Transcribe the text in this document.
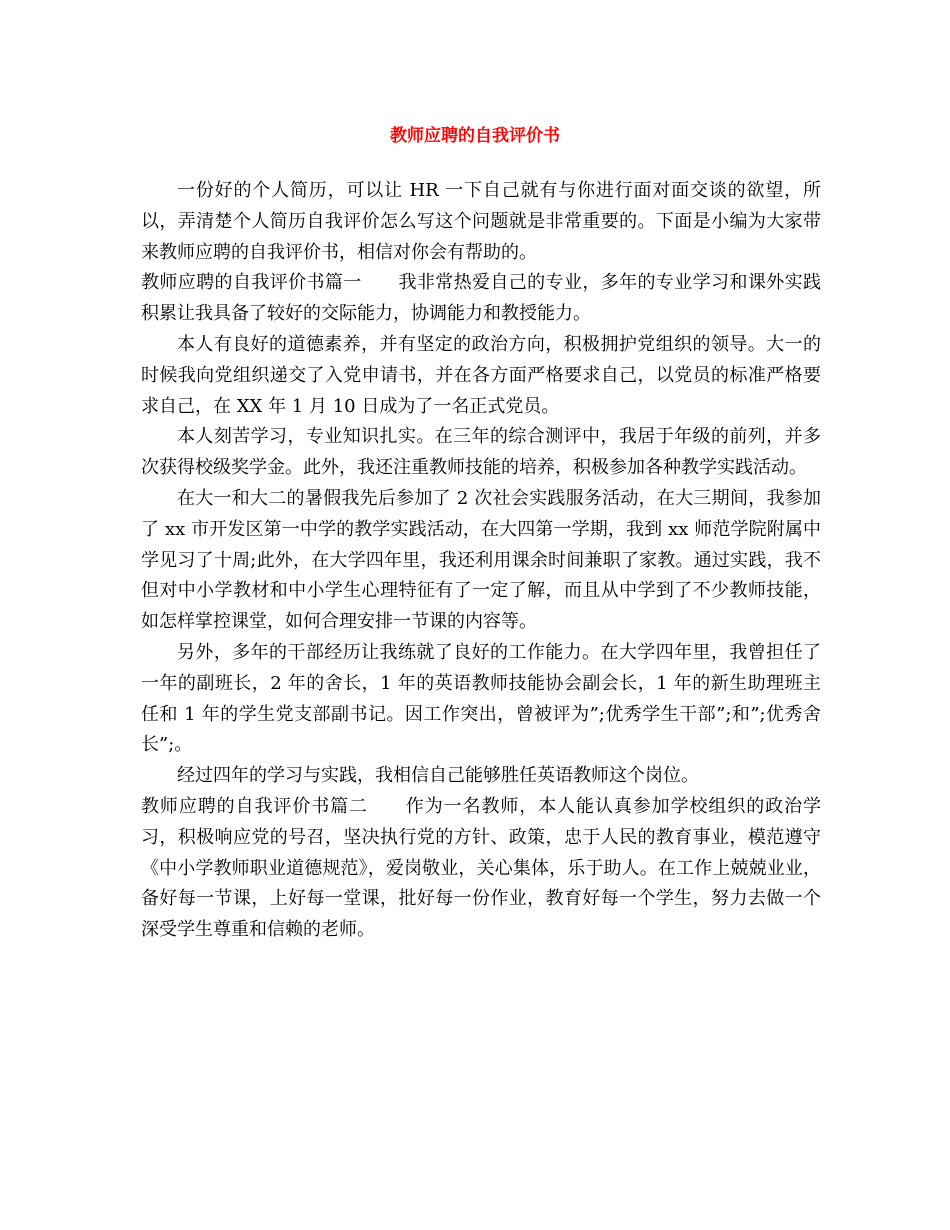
教师应聘的自我评价书

一份好的个人简历，可以让 HR 一下自己就有与你进行面对面交谈的欲望，所以，弄清楚个人简历自我评价怎么写这个问题就是非常重要的。下面是小编为大家带来教师应聘的自我评价书，相信对你会有帮助的。

教师应聘的自我评价书篇一　　我非常热爱自己的专业，多年的专业学习和课外实践积累让我具备了较好的交际能力，协调能力和教授能力。

本人有良好的道德素养，并有坚定的政治方向，积极拥护党组织的领导。大一的时候我向党组织递交了入党申请书，并在各方面严格要求自己，以党员的标准严格要求自己，在 XX 年 1 月 10 日成为了一名正式党员。

本人刻苦学习，专业知识扎实。在三年的综合测评中，我居于年级的前列，并多次获得校级奖学金。此外，我还注重教师技能的培养，积极参加各种教学实践活动。

在大一和大二的暑假我先后参加了 2 次社会实践服务活动，在大三期间，我参加了 xx 市开发区第一中学的教学实践活动，在大四第一学期，我到 xx 师范学院附属中学见习了十周;此外，在大学四年里，我还利用课余时间兼职了家教。通过实践，我不但对中小学教材和中小学生心理特征有了一定了解，而且从中学到了不少教师技能，如怎样掌控课堂，如何合理安排一节课的内容等。

另外，多年的干部经历让我练就了良好的工作能力。在大学四年里，我曾担任了一年的副班长，2 年的舍长，1 年的英语教师技能协会副会长，1 年的新生助理班主任和 1 年的学生党支部副书记。因工作突出，曾被评为”;优秀学生干部”;和”;优秀舍长”;。

经过四年的学习与实践，我相信自己能够胜任英语教师这个岗位。

教师应聘的自我评价书篇二　　作为一名教师，本人能认真参加学校组织的政治学习，积极响应党的号召，坚决执行党的方针、政策，忠于人民的教育事业，模范遵守《中小学教师职业道德规范》，爱岗敬业，关心集体，乐于助人。在工作上兢兢业业，备好每一节课，上好每一堂课，批好每一份作业，教育好每一个学生，努力去做一个深受学生尊重和信赖的老师。
